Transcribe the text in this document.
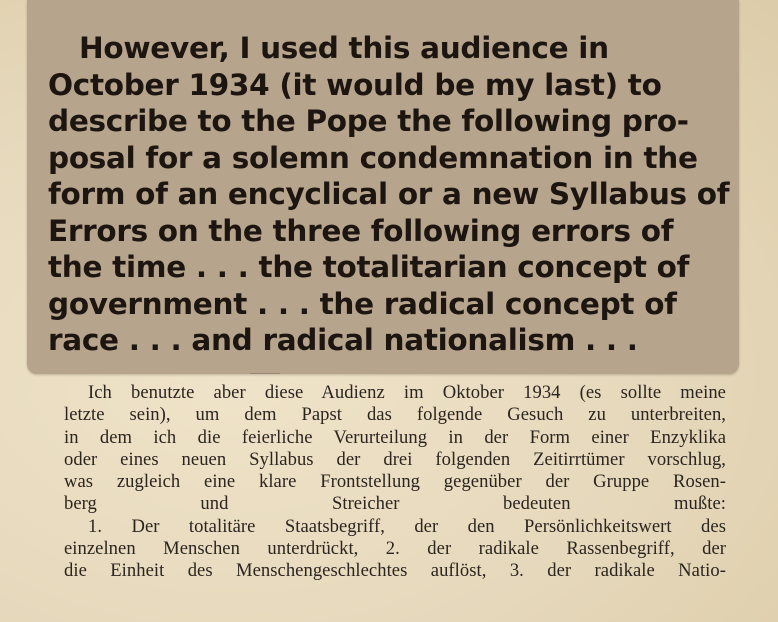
Ich benutzte aber diese Audienz im Oktober 1934 (es sollte meine
letzte sein), um dem Papst das folgende Gesuch zu unterbreiten,
in dem ich die feierliche Verurteilung in der Form einer Enzyklika
oder eines neuen Syllabus der drei folgenden Zeitirrtümer vorschlug,
was zugleich eine klare Frontstellung gegenüber der Gruppe Rosen-
berg und Streicher bedeuten mußte:

1. Der totalitäre Staatsbegriff, der den Persönlichkeitswert des
einzelnen Menschen unterdrückt, 2. der radikale Rassenbegriff, der
die Einheit des Menschengeschlechtes auflöst, 3. der radikale Natio-

However, I used this audience in
October 1934 (it would be my last) to
describe to the Pope the following pro-
posal for a solemn condemnation in the
form of an encyclical or a new Syllabus of
Errors on the three following errors of
the time . . . the totalitarian concept of
government . . . the radical concept of
race . . . and radical nationalism . . .
